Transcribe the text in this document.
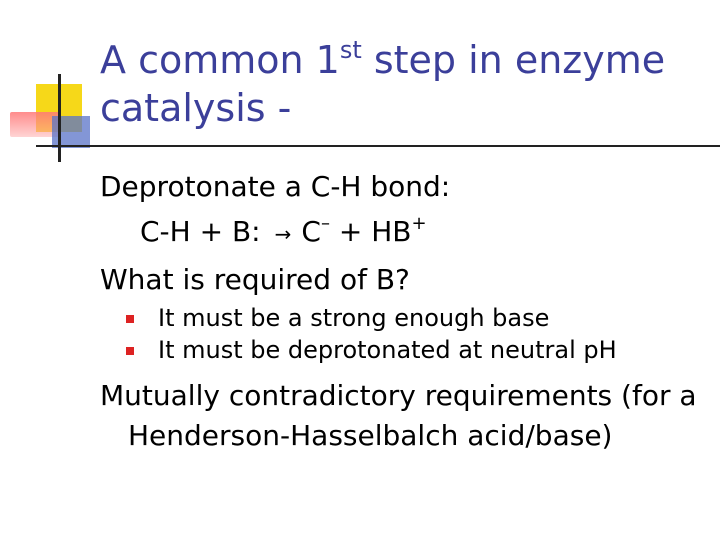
A common 1st step in enzyme
catalysis -

Deprotonate a C-H bond:

C-H + B: → C– + HB+

What is required of B?

It must be a strong enough base
It must be deprotonated at neutral pH

Mutually contradictory requirements (for a Henderson-Hasselbalch acid/base)
